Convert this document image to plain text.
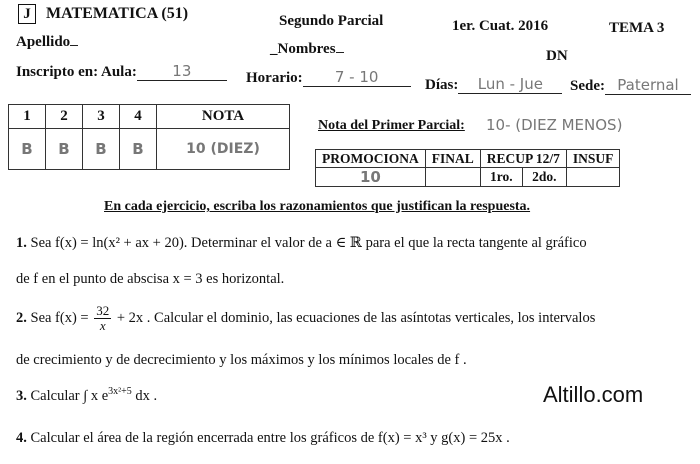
J MATEMATICA (51)	Segundo Parcial	1er. Cuat. 2016	TEMA 3
Apellido	_Nombres	DN
Inscripto en: Aula: 13	Horario: 7 - 10	Días: Lun - Jue	Sede: Paternal
1	2	3	4	NOTA
B	B	B	B	10 (DIEZ)
Nota del Primer Parcial: 10- (DIEZ MENOS)
PROMOCIONA	FINAL	RECUP 12/7		INSUF
10		1ro.	2do.	
En cada ejercicio, escriba los razonamientos que justifican la respuesta.
1. Sea f(x) = ln(x² + ax + 20). Determinar el valor de a ∈ ℝ para el que la recta tangente al gráfico
de f en el punto de abscisa x = 3 es horizontal.
2. Sea $f(x) = \frac{32}{x} + 2x$ . Calcular el dominio, las ecuaciones de las asíntotas verticales, los intervalos
de crecimiento y de decrecimiento y los máximos y los mínimos locales de f .
3. Calcular ∫ x $e^{3x^2+5}$ dx .
4. Calcular el área de la región encerrada entre los gráficos de f(x) = x³ y g(x) = 25x .
Altillo.com
